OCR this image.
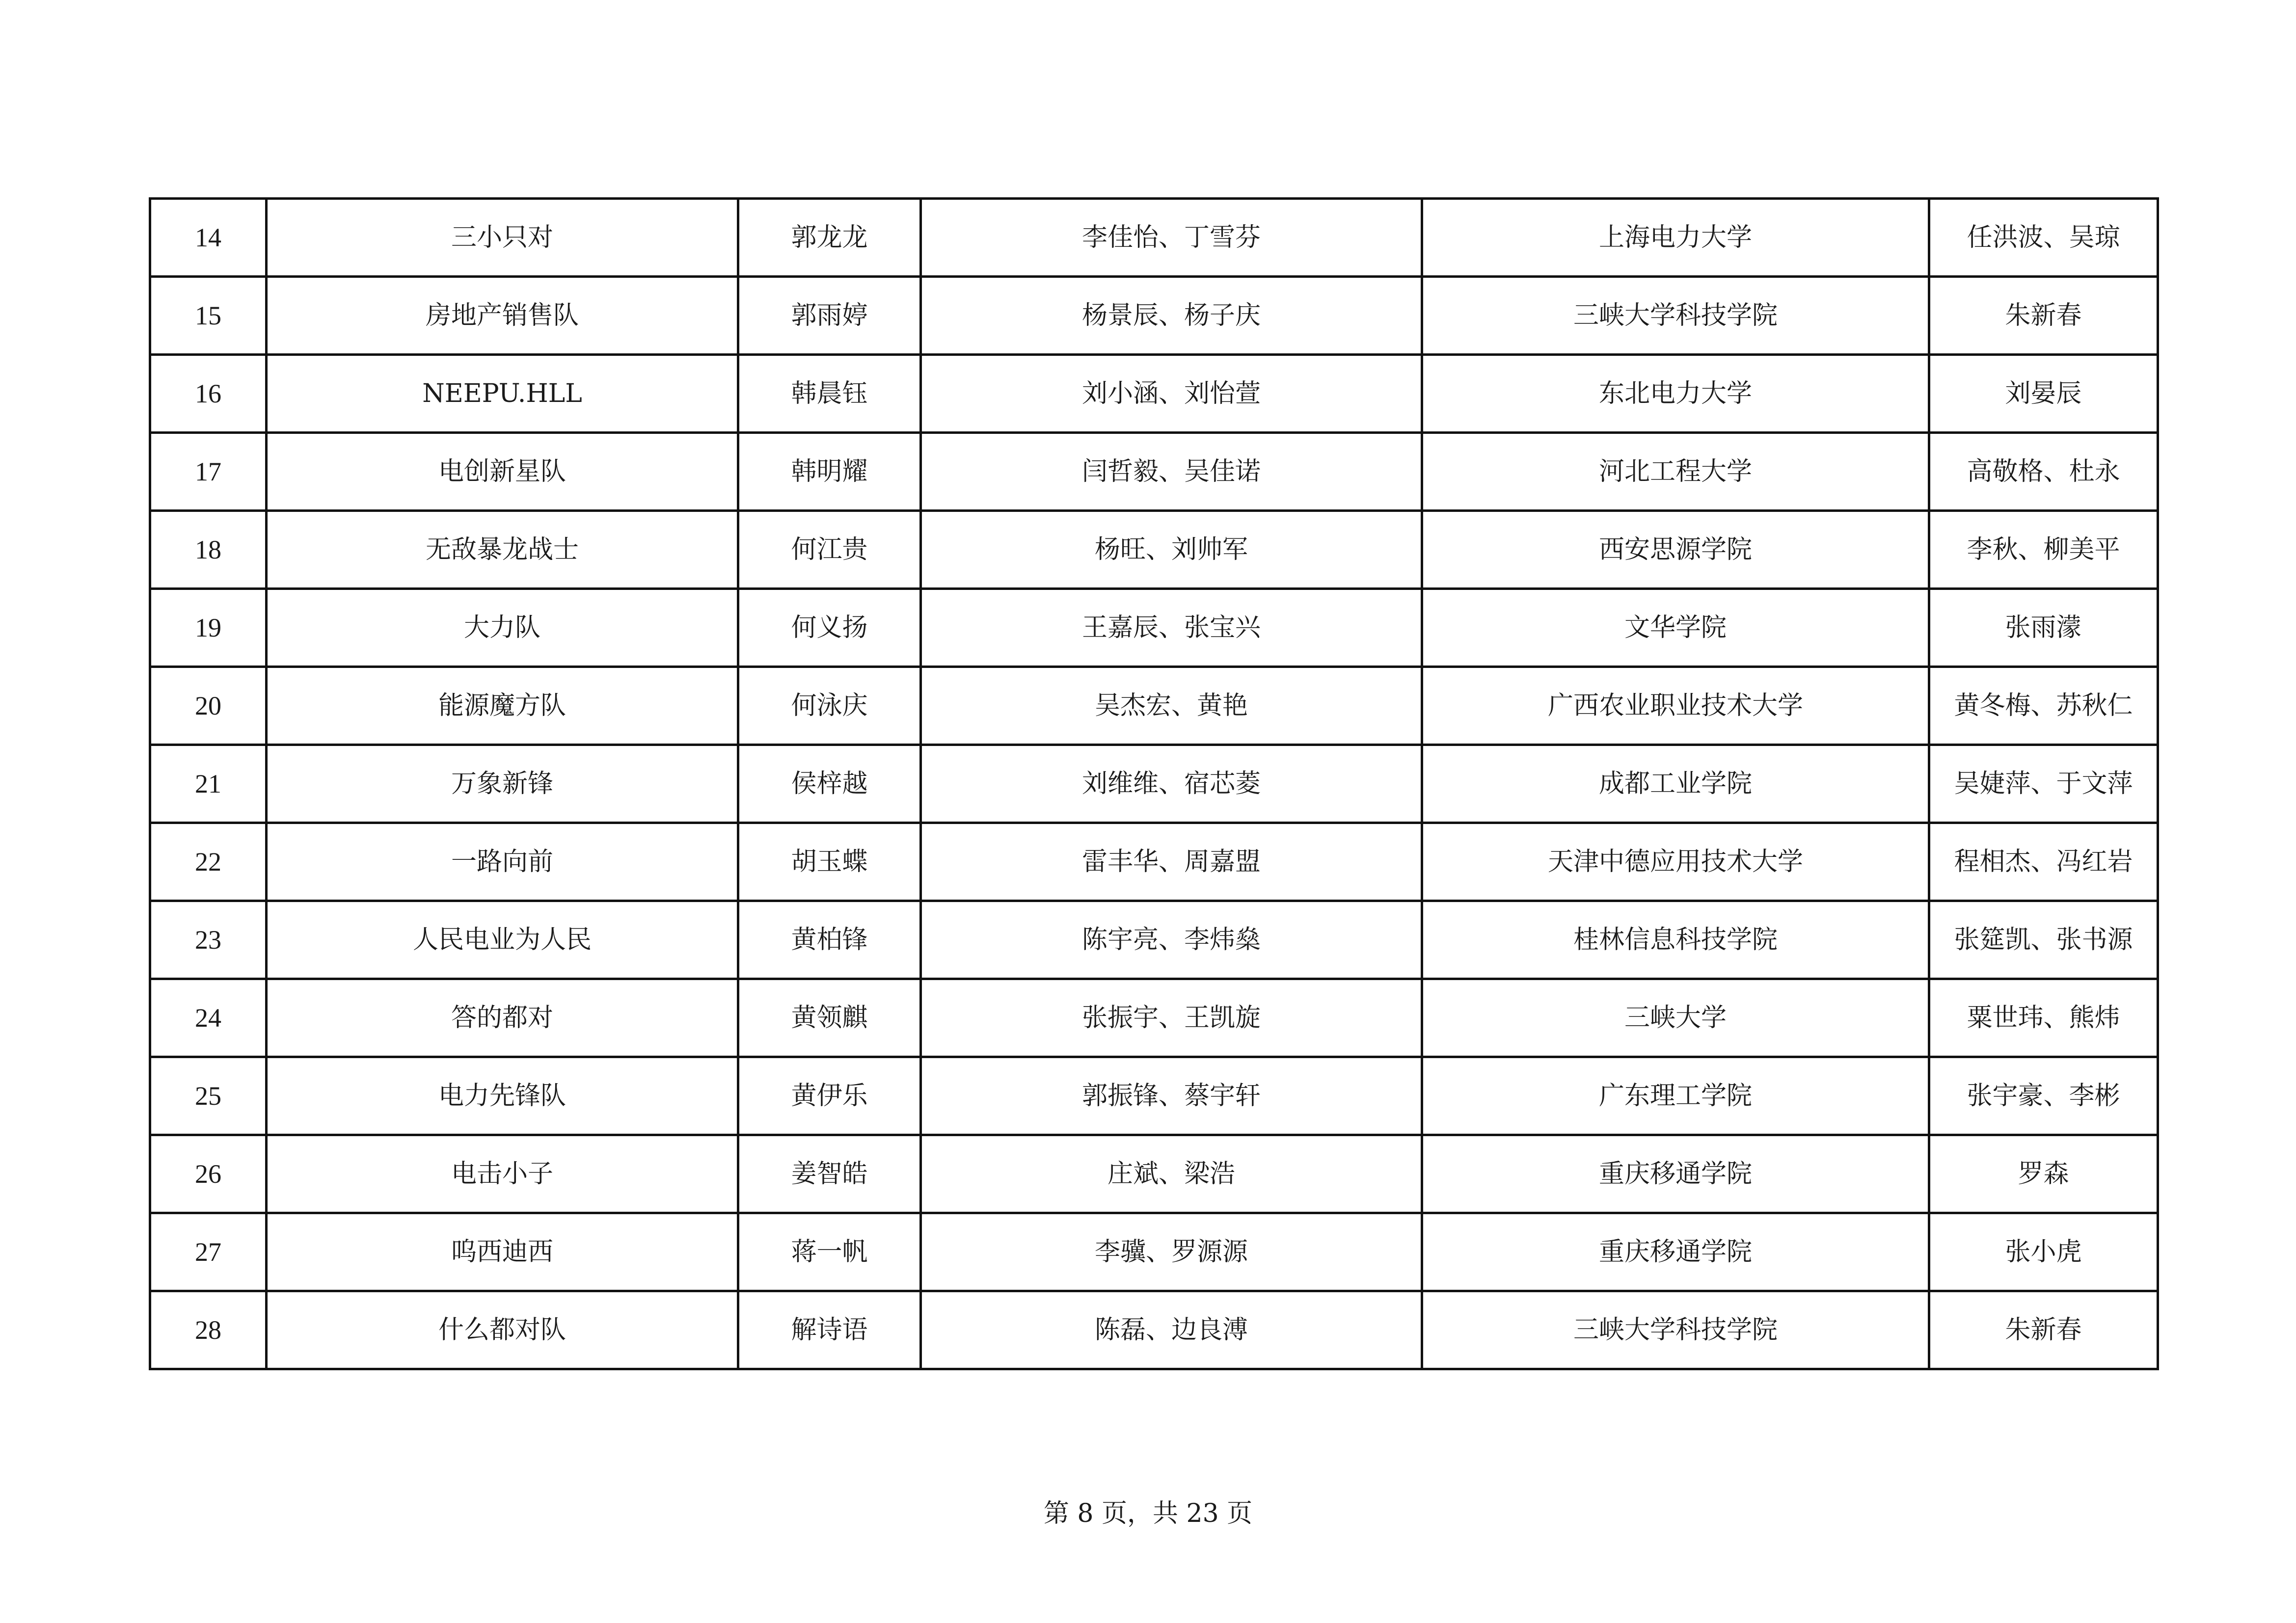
14	三小只对	郭龙龙	李佳怡、丁雪芬	上海电力大学	任洪波、吴琼
15	房地产销售队	郭雨婷	杨景辰、杨子庆	三峡大学科技学院	朱新春
16	NEEPU.HLL	韩晨钰	刘小涵、刘怡萱	东北电力大学	刘晏辰
17	电创新星队	韩明耀	闫哲毅、吴佳诺	河北工程大学	高敬格、杜永
18	无敌暴龙战士	何江贵	杨旺、刘帅军	西安思源学院	李秋、柳美平
19	大力队	何义扬	王嘉辰、张宝兴	文华学院	张雨濛
20	能源魔方队	何泳庆	吴杰宏、黄艳	广西农业职业技术大学	黄冬梅、苏秋仁
21	万象新锋	侯梓越	刘维维、宿芯菱	成都工业学院	吴婕萍、于文萍
22	一路向前	胡玉蝶	雷丰华、周嘉盟	天津中德应用技术大学	程相杰、冯红岩
23	人民电业为人民	黄柏锋	陈宇亮、李炜燊	桂林信息科技学院	张筵凯、张书源
24	答的都对	黄领麒	张振宇、王凯旋	三峡大学	粟世玮、熊炜
25	电力先锋队	黄伊乐	郭振锋、蔡宇轩	广东理工学院	张宇豪、李彬
26	电击小子	姜智皓	庄斌、梁浩	重庆移通学院	罗森
27	呜西迪西	蒋一帆	李骥、罗源源	重庆移通学院	张小虎
28	什么都对队	解诗语	陈磊、边良溥	三峡大学科技学院	朱新春
第 8 页，共 23 页
